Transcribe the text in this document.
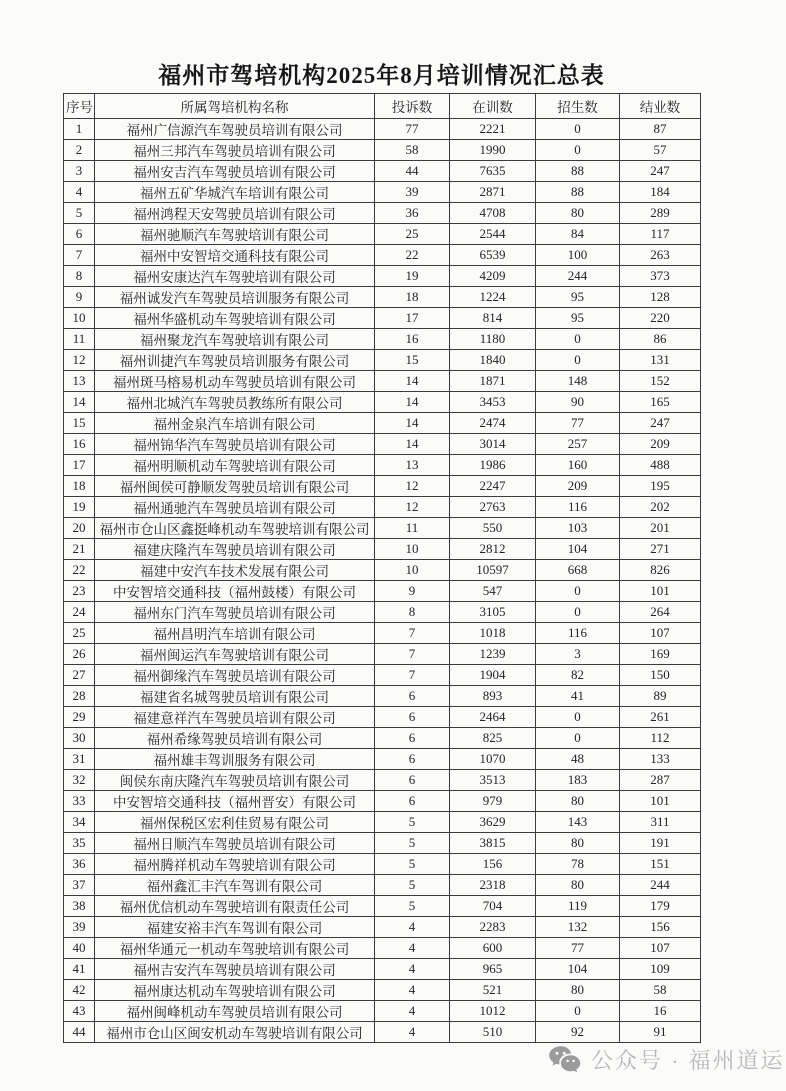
福州市驾培机构2025年8月培训情况汇总表
序号	所属驾培机构名称	投诉数	在训数	招生数	结业数
1	福州广信源汽车驾驶员培训有限公司	77	2221	0	87
2	福州三邦汽车驾驶员培训有限公司	58	1990	0	57
3	福州安吉汽车驾驶员培训有限公司	44	7635	88	247
4	福州五矿华城汽车培训有限公司	39	2871	88	184
5	福州鸿程天安驾驶员培训有限公司	36	4708	80	289
6	福州驰顺汽车驾驶培训有限公司	25	2544	84	117
7	福州中安智培交通科技有限公司	22	6539	100	263
8	福州安康达汽车驾驶培训有限公司	19	4209	244	373
9	福州诚发汽车驾驶员培训服务有限公司	18	1224	95	128
10	福州华盛机动车驾驶培训有限公司	17	814	95	220
11	福州聚龙汽车驾驶培训有限公司	16	1180	0	86
12	福州训捷汽车驾驶员培训服务有限公司	15	1840	0	131
13	福州斑马榕易机动车驾驶员培训有限公司	14	1871	148	152
14	福州北城汽车驾驶员教练所有限公司	14	3453	90	165
15	福州金泉汽车培训有限公司	14	2474	77	247
16	福州锦华汽车驾驶员培训有限公司	14	3014	257	209
17	福州明顺机动车驾驶培训有限公司	13	1986	160	488
18	福州闽侯可静顺发驾驶员培训有限公司	12	2247	209	195
19	福州通驰汽车驾驶员培训有限公司	12	2763	116	202
20	福州市仓山区鑫挺峰机动车驾驶培训有限公司	11	550	103	201
21	福建庆隆汽车驾驶员培训有限公司	10	2812	104	271
22	福建中安汽车技术发展有限公司	10	10597	668	826
23	中安智培交通科技（福州鼓楼）有限公司	9	547	0	101
24	福州东门汽车驾驶员培训有限公司	8	3105	0	264
25	福州昌明汽车培训有限公司	7	1018	116	107
26	福州闽运汽车驾驶培训有限公司	7	1239	3	169
27	福州御缘汽车驾驶员培训有限公司	7	1904	82	150
28	福建省名城驾驶员培训有限公司	6	893	41	89
29	福建意祥汽车驾驶员培训有限公司	6	2464	0	261
30	福州希缘驾驶员培训有限公司	6	825	0	112
31	福州雄丰驾训服务有限公司	6	1070	48	133
32	闽侯东南庆隆汽车驾驶员培训有限公司	6	3513	183	287
33	中安智培交通科技（福州晋安）有限公司	6	979	80	101
34	福州保税区宏利佳贸易有限公司	5	3629	143	311
35	福州日顺汽车驾驶员培训有限公司	5	3815	80	191
36	福州腾祥机动车驾驶培训有限公司	5	156	78	151
37	福州鑫汇丰汽车驾训有限公司	5	2318	80	244
38	福州优信机动车驾驶培训有限责任公司	5	704	119	179
39	福建安裕丰汽车驾训有限公司	4	2283	132	156
40	福州华通元一机动车驾驶培训有限公司	4	600	77	107
41	福州吉安汽车驾驶员培训有限公司	4	965	104	109
42	福州康达机动车驾驶培训有限公司	4	521	80	58
43	福州闽峰机动车驾驶员培训有限公司	4	1012	0	16
44	福州市仓山区闽安机动车驾驶培训有限公司	4	510	92	91
公众号 · 福州道运
